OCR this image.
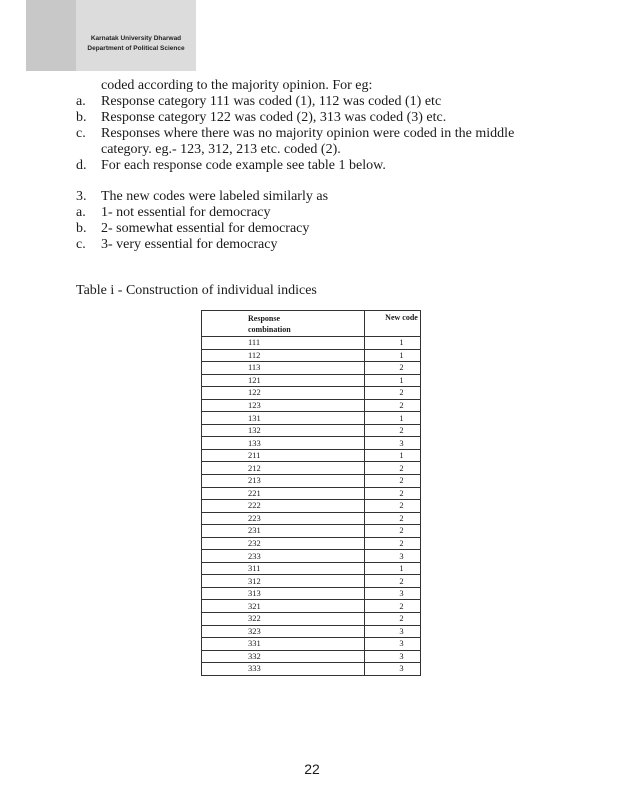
Karnatak University Dharwad
Department of Political Science
coded according to the majority opinion. For eg:
a.	Response category 111 was coded (1), 112 was coded (1) etc
b.	Response category 122 was coded (2), 313 was coded (3) etc.
c.	Responses where there was no majority opinion were coded in the middle
category. eg.- 123, 312, 213 etc. coded (2).
d.	For each response code example see table 1 below.
3.	The new codes were labeled similarly as
a.	1- not essential for democracy
b.	2- somewhat essential for democracy
c.	3- very essential for democracy
Table i - Construction of individual indices
Response
combination	New code
111	1
112	1
113	2
121	1
122	2
123	2
131	1
132	2
133	3
211	1
212	2
213	2
221	2
222	2
223	2
231	2
232	2
233	3
311	1
312	2
313	3
321	2
322	2
323	3
331	3
332	3
333	3
22
